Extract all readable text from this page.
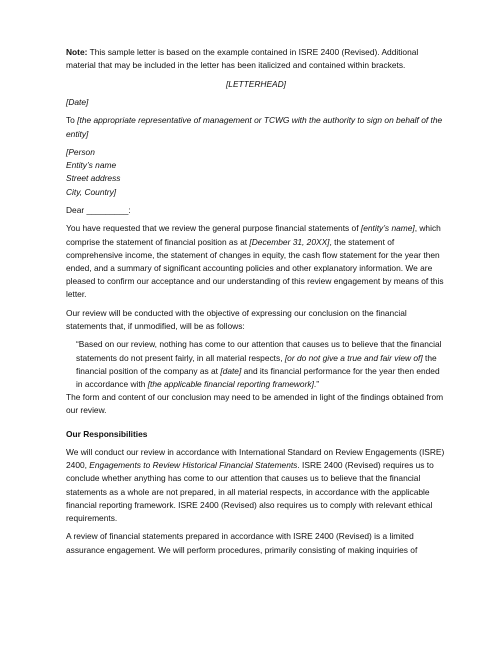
Note: This sample letter is based on the example contained in ISRE 2400 (Revised). Additional material that may be included in the letter has been italicized and contained within brackets.

[LETTERHEAD]

[Date]

To [the appropriate representative of management or TCWG with the authority to sign on behalf of the entity]

[Person
Entity’s name
Street address
City, Country]

Dear _________:

You have requested that we review the general purpose financial statements of [entity’s name], which comprise the statement of financial position as at [December 31, 20XX], the statement of comprehensive income, the statement of changes in equity, the cash flow statement for the year then ended, and a summary of significant accounting policies and other explanatory information. We are pleased to confirm our acceptance and our understanding of this review engagement by means of this letter.

Our review will be conducted with the objective of expressing our conclusion on the financial statements that, if unmodified, will be as follows:

“Based on our review, nothing has come to our attention that causes us to believe that the financial statements do not present fairly, in all material respects, [or do not give a true and fair view of] the financial position of the company as at [date] and its financial performance for the year then ended
in accordance with [the applicable financial reporting framework].”

The form and content of our conclusion may need to be amended in light of the findings obtained from our review.

Our Responsibilities

We will conduct our review in accordance with International Standard on Review Engagements (ISRE) 2400, Engagements to Review Historical Financial Statements. ISRE 2400 (Revised) requires us to conclude whether anything has come to our attention that causes us to believe that the financial statements as a whole are not prepared, in all material respects, in accordance with the applicable financial reporting framework. ISRE 2400 (Revised) also requires us to comply with relevant ethical requirements.

A review of financial statements prepared in accordance with ISRE 2400 (Revised) is a limited assurance engagement. We will perform procedures, primarily consisting of making inquiries of
